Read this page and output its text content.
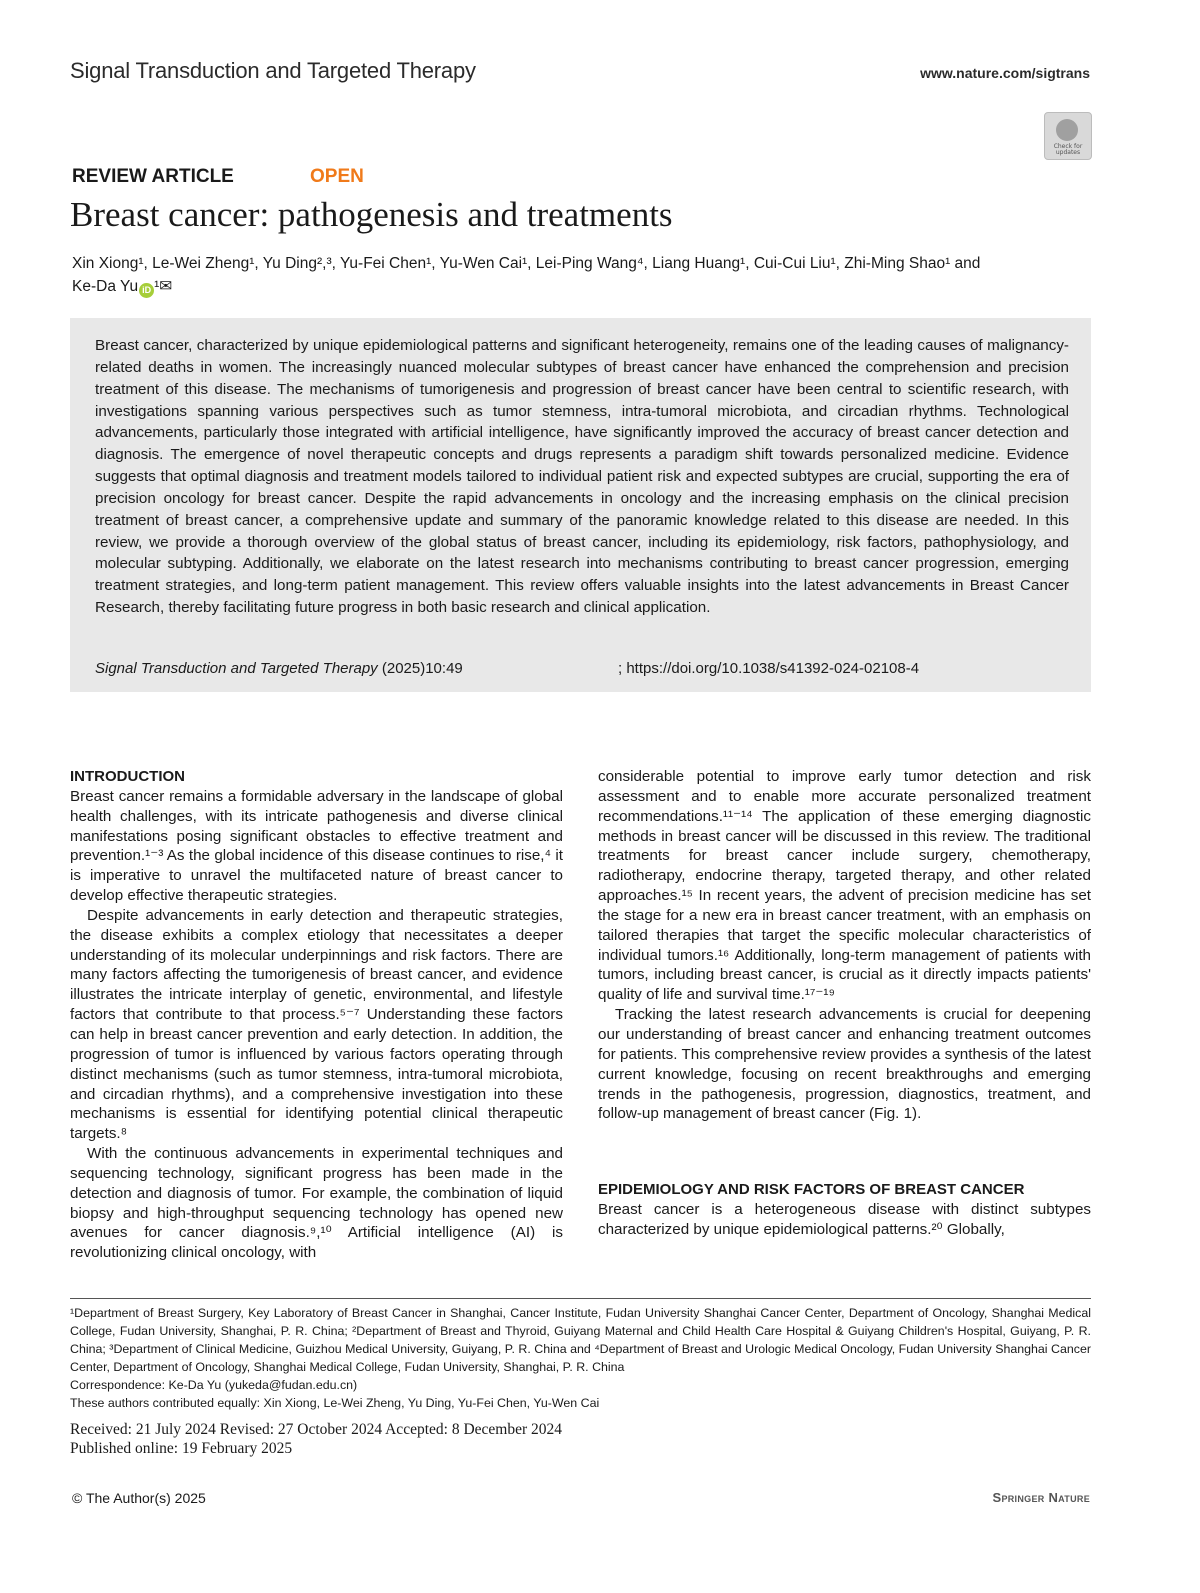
Signal Transduction and Targeted Therapy	www.nature.com/sigtrans
Check for updates
REVIEW ARTICLE	OPEN
Breast cancer: pathogenesis and treatments
Xin Xiong¹, Le-Wei Zheng¹, Yu Ding²,³, Yu-Fei Chen¹, Yu-Wen Cai¹, Lei-Ping Wang⁴, Liang Huang¹, Cui-Cui Liu¹, Zhi-Ming Shao¹ and
Ke-Da Yu iD ¹✉
Breast cancer, characterized by unique epidemiological patterns and significant heterogeneity, remains one of the leading causes of malignancy-related deaths in women. The increasingly nuanced molecular subtypes of breast cancer have enhanced the comprehension and precision treatment of this disease. The mechanisms of tumorigenesis and progression of breast cancer have been central to scientific research, with investigations spanning various perspectives such as tumor stemness, intra-tumoral microbiota, and circadian rhythms. Technological advancements, particularly those integrated with artificial intelligence, have significantly improved the accuracy of breast cancer detection and diagnosis. The emergence of novel therapeutic concepts and drugs represents a paradigm shift towards personalized medicine. Evidence suggests that optimal diagnosis and treatment models tailored to individual patient risk and expected subtypes are crucial, supporting the era of precision oncology for breast cancer. Despite the rapid advancements in oncology and the increasing emphasis on the clinical precision treatment of breast cancer, a comprehensive update and summary of the panoramic knowledge related to this disease are needed. In this review, we provide a thorough overview of the global status of breast cancer, including its epidemiology, risk factors, pathophysiology, and molecular subtyping. Additionally, we elaborate on the latest research into mechanisms contributing to breast cancer progression, emerging treatment strategies, and long-term patient management. This review offers valuable insights into the latest advancements in Breast Cancer Research, thereby facilitating future progress in both basic research and clinical application.
Signal Transduction and Targeted Therapy (2025)10:49	; https://doi.org/10.1038/s41392-024-02108-4
INTRODUCTION

Breast cancer remains a formidable adversary in the landscape of global health challenges, with its intricate pathogenesis and diverse clinical manifestations posing significant obstacles to effective treatment and prevention.¹⁻³ As the global incidence of this disease continues to rise,⁴ it is imperative to unravel the multifaceted nature of breast cancer to develop effective therapeutic strategies.

Despite advancements in early detection and therapeutic strategies, the disease exhibits a complex etiology that necessitates a deeper understanding of its molecular underpinnings and risk factors. There are many factors affecting the tumorigenesis of breast cancer, and evidence illustrates the intricate interplay of genetic, environmental, and lifestyle factors that contribute to that process.⁵⁻⁷ Understanding these factors can help in breast cancer prevention and early detection. In addition, the progression of tumor is influenced by various factors operating through distinct mechanisms (such as tumor stemness, intra-tumoral microbiota, and circadian rhythms), and a comprehensive investigation into these mechanisms is essential for identifying potential clinical therapeutic targets.⁸

With the continuous advancements in experimental techniques and sequencing technology, significant progress has been made in the detection and diagnosis of tumor. For example, the combination of liquid biopsy and high-throughput sequencing technology has opened new avenues for cancer diagnosis.⁹,¹⁰ Artificial intelligence (AI) is revolutionizing clinical oncology, with

considerable potential to improve early tumor detection and risk assessment and to enable more accurate personalized treatment recommendations.¹¹⁻¹⁴ The application of these emerging diagnostic methods in breast cancer will be discussed in this review. The traditional treatments for breast cancer include surgery, chemotherapy, radiotherapy, endocrine therapy, targeted therapy, and other related approaches.¹⁵ In recent years, the advent of precision medicine has set the stage for a new era in breast cancer treatment, with an emphasis on tailored therapies that target the specific molecular characteristics of individual tumors.¹⁶ Additionally, long-term management of patients with tumors, including breast cancer, is crucial as it directly impacts patients' quality of life and survival time.¹⁷⁻¹⁹

Tracking the latest research advancements is crucial for deepening our understanding of breast cancer and enhancing treatment outcomes for patients. This comprehensive review provides a synthesis of the latest current knowledge, focusing on recent breakthroughs and emerging trends in the pathogenesis, progression, diagnostics, treatment, and follow-up management of breast cancer (Fig. 1).

EPIDEMIOLOGY AND RISK FACTORS OF BREAST CANCER

Breast cancer is a heterogeneous disease with distinct subtypes characterized by unique epidemiological patterns.²⁰ Globally,

¹Department of Breast Surgery, Key Laboratory of Breast Cancer in Shanghai, Cancer Institute, Fudan University Shanghai Cancer Center, Department of Oncology, Shanghai Medical College, Fudan University, Shanghai, P. R. China; ²Department of Breast and Thyroid, Guiyang Maternal and Child Health Care Hospital & Guiyang Children's Hospital, Guiyang, P. R. China; ³Department of Clinical Medicine, Guizhou Medical University, Guiyang, P. R. China and ⁴Department of Breast and Urologic Medical Oncology, Fudan University Shanghai Cancer Center, Department of Oncology, Shanghai Medical College, Fudan University, Shanghai, P. R. China

Correspondence: Ke-Da Yu (yukeda@fudan.edu.cn)

These authors contributed equally: Xin Xiong, Le-Wei Zheng, Yu Ding, Yu-Fei Chen, Yu-Wen Cai

Received: 21 July 2024 Revised: 27 October 2024 Accepted: 8 December 2024
Published online: 19 February 2025
© The Author(s) 2025	Springer Nature
